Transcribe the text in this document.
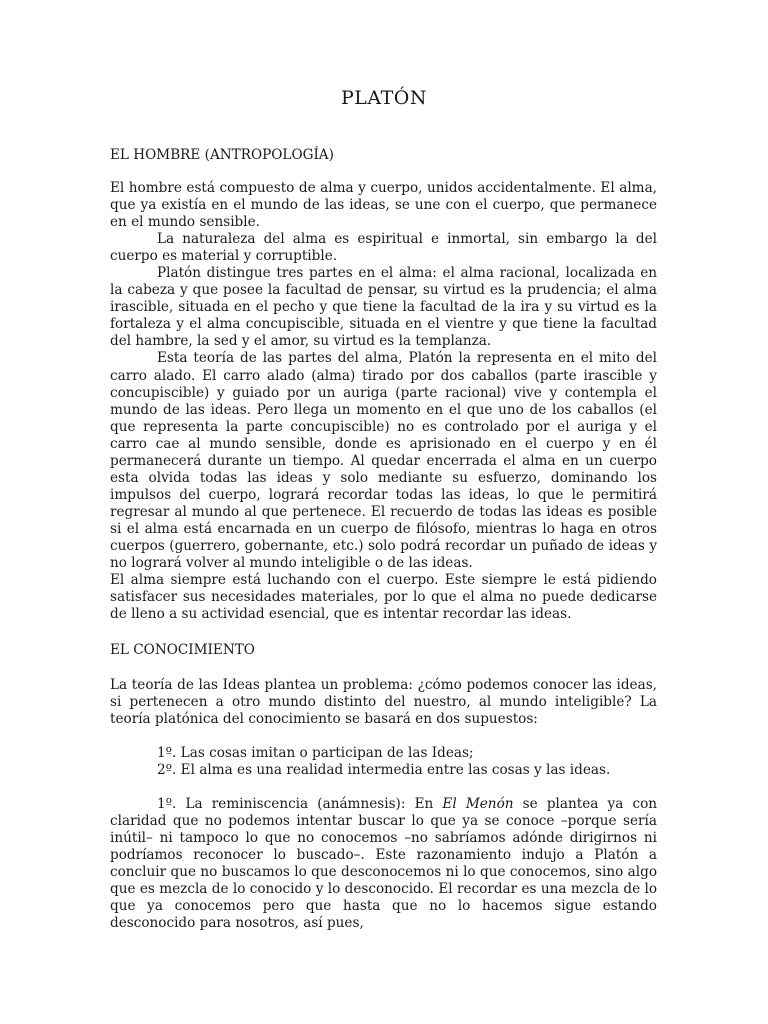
PLATÓN
EL HOMBRE (ANTROPOLOGÍA)

El hombre está compuesto de alma y cuerpo, unidos accidentalmente. El alma, que ya existía en el mundo de las ideas, se une con el cuerpo, que permanece en el mundo sensible.

La naturaleza del alma es espiritual e inmortal, sin embargo la del cuerpo es material y corruptible.

Platón distingue tres partes en el alma: el alma racional, localizada en la cabeza y que posee la facultad de pensar, su virtud es la prudencia; el alma irascible, situada en el pecho y que tiene la facultad de la ira y su virtud es la fortaleza y el alma concupiscible, situada en el vientre y que tiene la facultad del hambre, la sed y el amor, su virtud es la templanza.

Esta teoría de las partes del alma, Platón la representa en el mito del carro alado. El carro alado (alma) tirado por dos caballos (parte irascible y concupiscible) y guiado por un auriga (parte racional) vive y contempla el mundo de las ideas. Pero llega un momento en el que uno de los caballos (el que representa la parte concupiscible) no es controlado por el auriga y el carro cae al mundo sensible, donde es aprisionado en el cuerpo y en él permanecerá durante un tiempo. Al quedar encerrada el alma en un cuerpo esta olvida todas las ideas y solo mediante su esfuerzo, dominando los impulsos del cuerpo, logrará recordar todas las ideas, lo que le permitirá regresar al mundo al que pertenece. El recuerdo de todas las ideas es posible si el alma está encarnada en un cuerpo de filósofo, mientras lo haga en otros cuerpos (guerrero, gobernante, etc.) solo podrá recordar un puñado de ideas y no logrará volver al mundo inteligible o de las ideas.

El alma siempre está luchando con el cuerpo. Este siempre le está pidiendo satisfacer sus necesidades materiales, por lo que el alma no puede dedicarse de lleno a su actividad esencial, que es intentar recordar las ideas.

EL CONOCIMIENTO

La teoría de las Ideas plantea un problema: ¿cómo podemos conocer las ideas, si pertenecen a otro mundo distinto del nuestro, al mundo inteligible? La teoría platónica del conocimiento se basará en dos supuestos:

1º. Las cosas imitan o participan de las Ideas;
2º. El alma es una realidad intermedia entre las cosas y las ideas.

1º. La reminiscencia (anámnesis): En El Menón se plantea ya con claridad que no podemos intentar buscar lo que ya se conoce –porque sería inútil– ni tampoco lo que no conocemos –no sabríamos adónde dirigirnos ni podríamos reconocer lo buscado–. Este razonamiento indujo a Platón a concluir que no buscamos lo que desconocemos ni lo que conocemos, sino algo que es mezcla de lo conocido y lo desconocido. El recordar es una mezcla de lo que ya conocemos pero que hasta que no lo hacemos sigue estando desconocido para nosotros, así pues,
